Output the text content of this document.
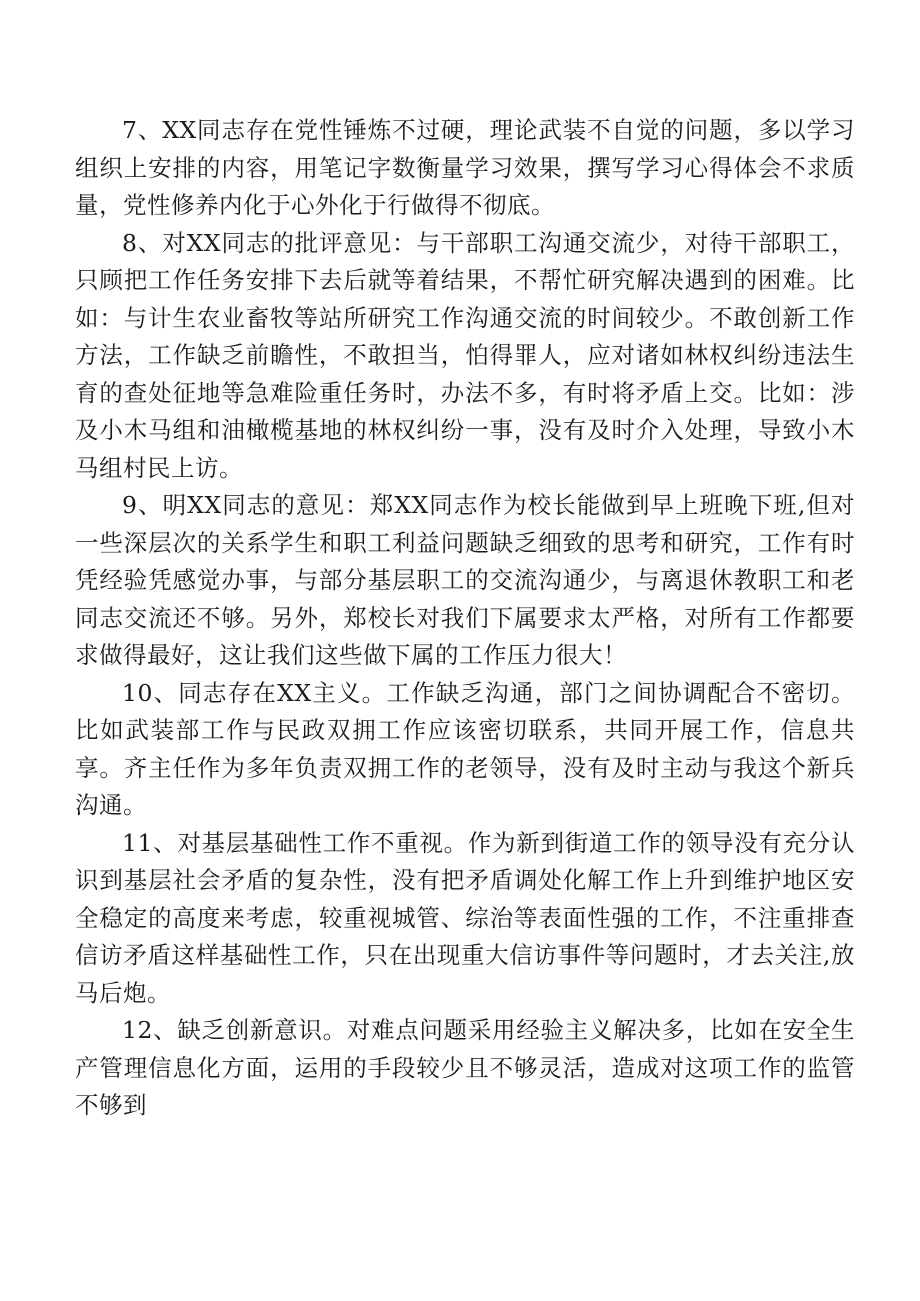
7、XX同志存在党性锤炼不过硬，理论武装不自觉的问题，多以学习组织上安排的内容，用笔记字数衡量学习效果，撰写学习心得体会不求质量，党性修养内化于心外化于行做得不彻底。

8、对XX同志的批评意见：与干部职工沟通交流少，对待干部职工，只顾把工作任务安排下去后就等着结果，不帮忙研究解决遇到的困难。比如：与计生农业畜牧等站所研究工作沟通交流的时间较少。不敢创新工作方法，工作缺乏前瞻性，不敢担当，怕得罪人，应对诸如林权纠纷违法生育的查处征地等急难险重任务时，办法不多，有时将矛盾上交。比如：涉及小木马组和油橄榄基地的林权纠纷一事，没有及时介入处理，导致小木马组村民上访。

9、明XX同志的意见：郑XX同志作为校长能做到早上班晚下班,但对一些深层次的关系学生和职工利益问题缺乏细致的思考和研究，工作有时凭经验凭感觉办事，与部分基层职工的交流沟通少，与离退休教职工和老同志交流还不够。另外，郑校长对我们下属要求太严格，对所有工作都要求做得最好，这让我们这些做下属的工作压力很大！

10、同志存在XX主义。工作缺乏沟通，部门之间协调配合不密切。比如武装部工作与民政双拥工作应该密切联系，共同开展工作，信息共享。齐主任作为多年负责双拥工作的老领导，没有及时主动与我这个新兵沟通。

11、对基层基础性工作不重视。作为新到街道工作的领导没有充分认识到基层社会矛盾的复杂性，没有把矛盾调处化解工作上升到维护地区安全稳定的高度来考虑，较重视城管、综治等表面性强的工作，不注重排查信访矛盾这样基础性工作，只在出现重大信访事件等问题时，才去关注,放马后炮。

12、缺乏创新意识。对难点问题采用经验主义解决多，比如在安全生产管理信息化方面，运用的手段较少且不够灵活，造成对这项工作的监管不够到
